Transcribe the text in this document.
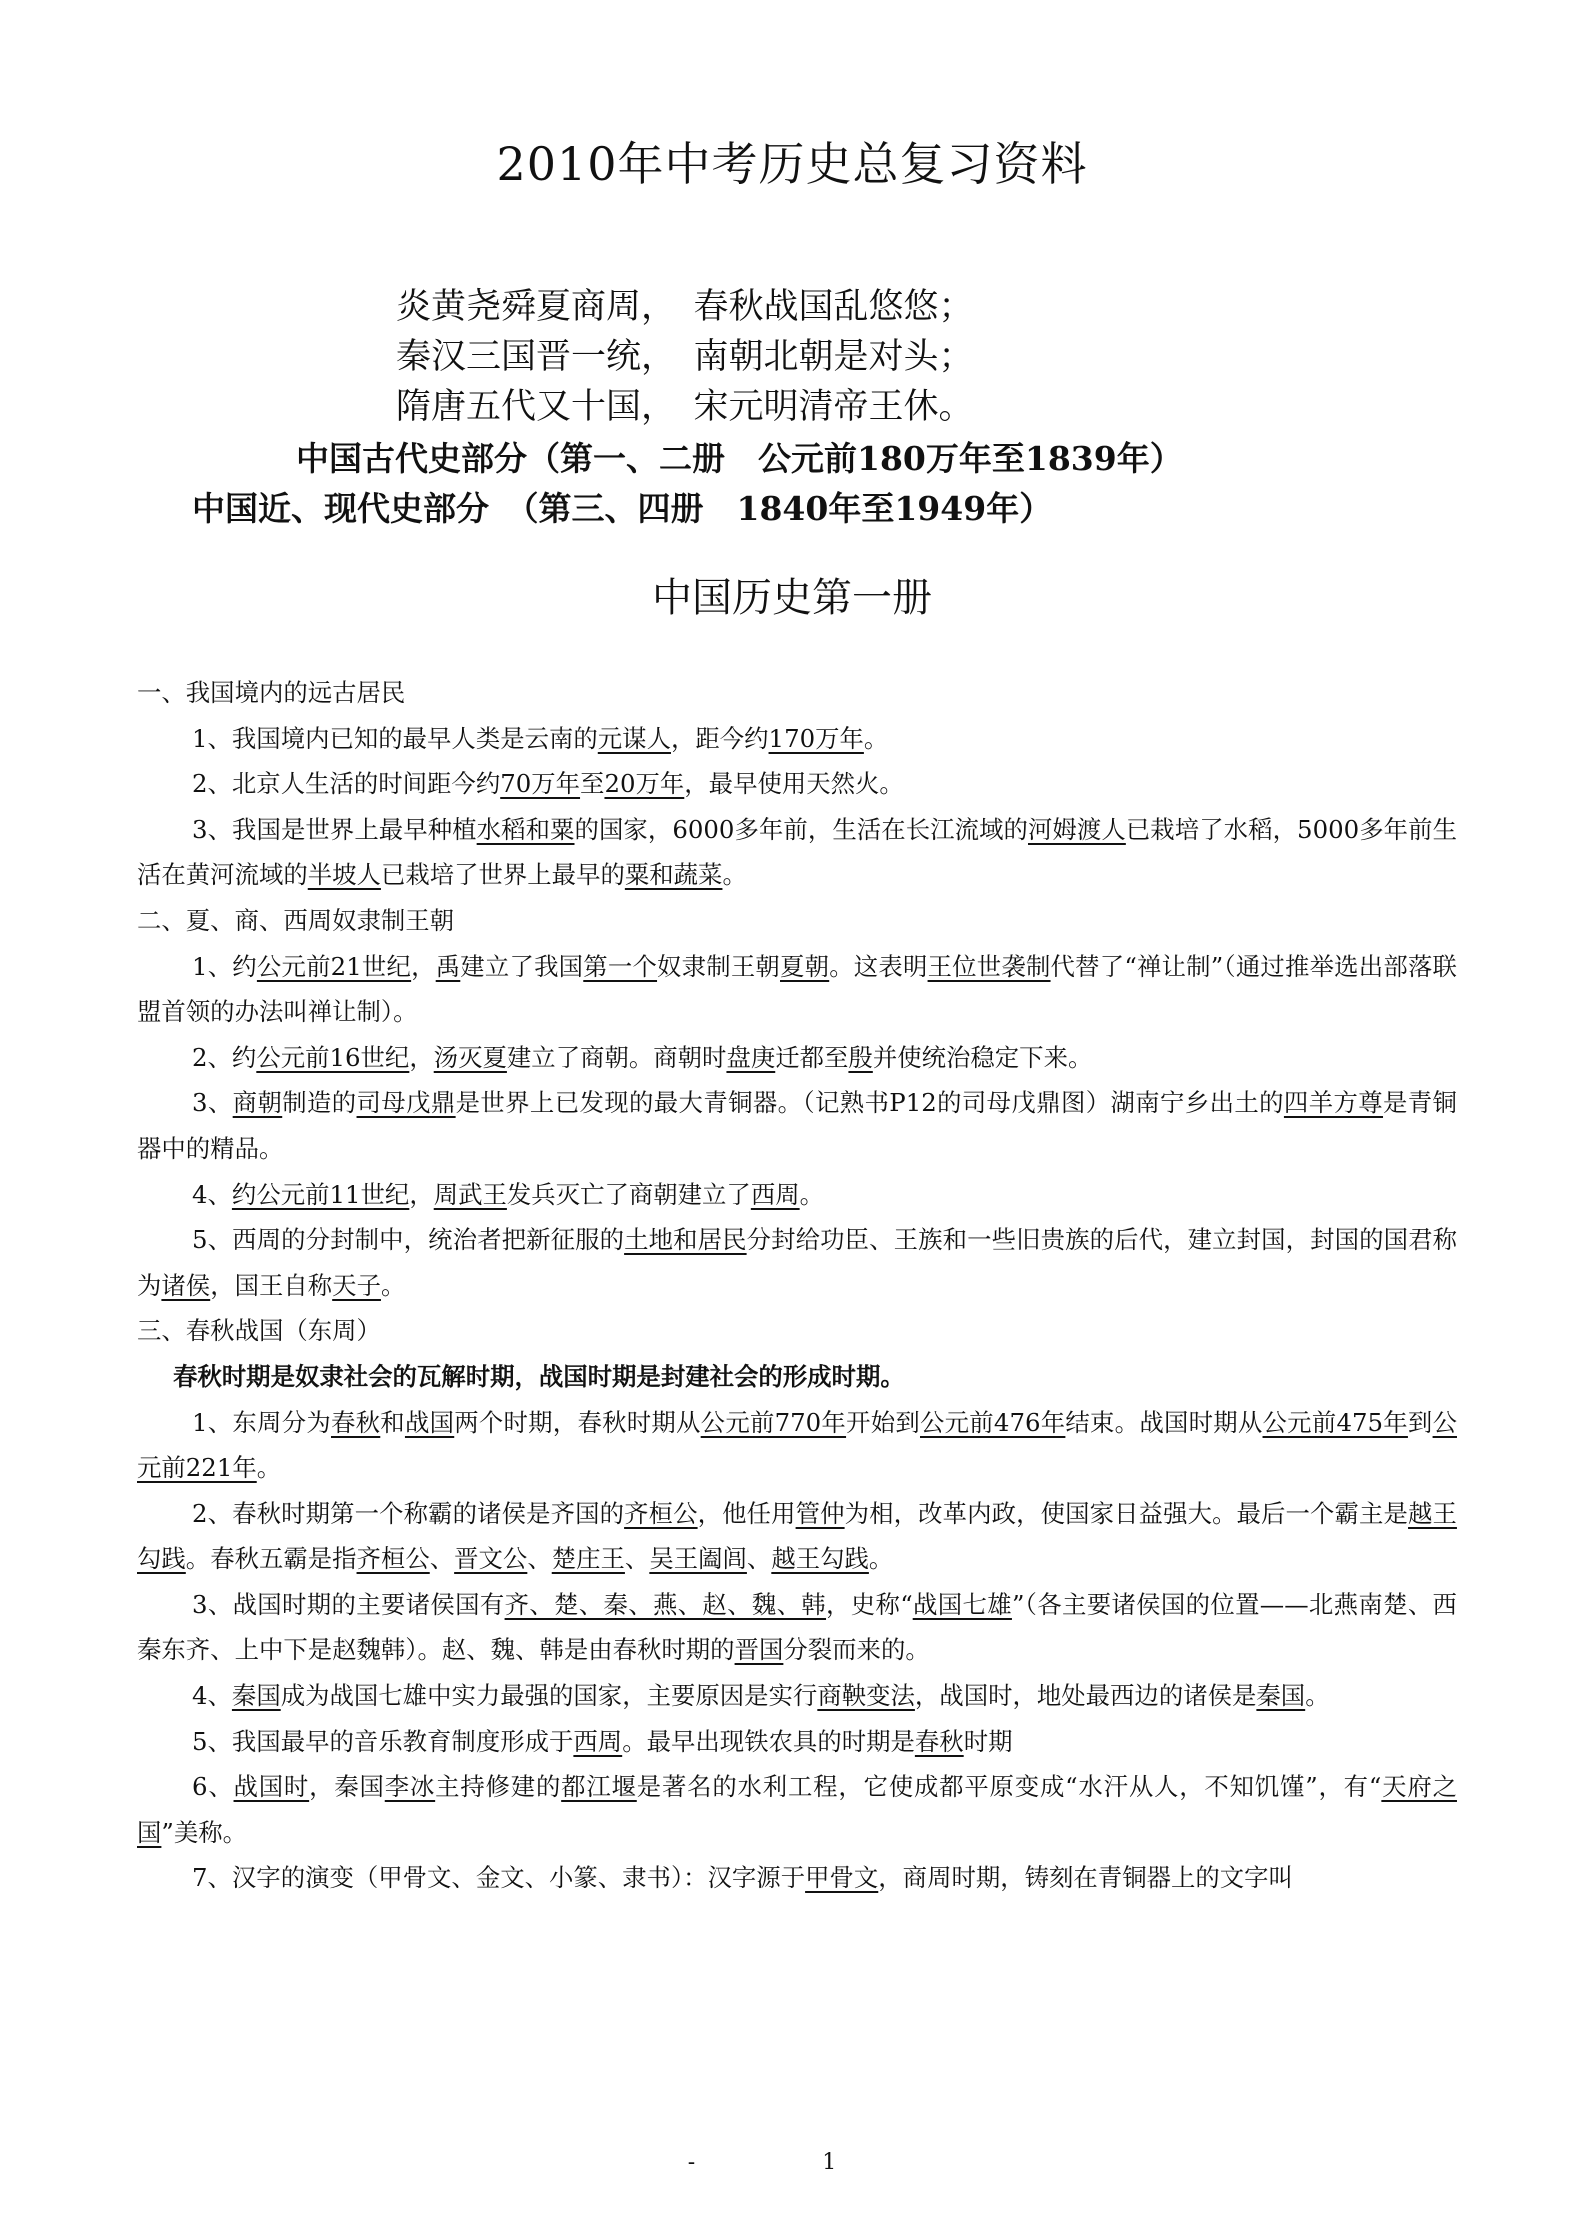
2010年中考历史总复习资料
炎黄尧舜夏商周，　春秋战国乱悠悠；
秦汉三国晋一统，　南朝北朝是对头；
隋唐五代又十国，　宋元明清帝王休。
中国古代史部分（第一、二册　公元前180万年至1839年）
中国近、现代史部分　（第三、四册　1840年至1949年）
中国历史第一册

一、我国境内的远古居民

1、我国境内已知的最早人类是云南的元谋人，距今约170万年。

2、北京人生活的时间距今约70万年至20万年，最早使用天然火。

3、我国是世界上最早种植水稻和粟的国家，6000多年前，生活在长江流域的河姆渡人已栽培了水稻，5000多年前生活在黄河流域的半坡人已栽培了世界上最早的粟和蔬菜。

二、夏、商、西周奴隶制王朝

1、约公元前21世纪，禹建立了我国第一个奴隶制王朝夏朝。这表明王位世袭制代替了“禅让制”（通过推举选出部落联盟首领的办法叫禅让制）。

2、约公元前16世纪，汤灭夏建立了商朝。商朝时盘庚迁都至殷并使统治稳定下来。

3、商朝制造的司母戊鼎是世界上已发现的最大青铜器。（记熟书P12的司母戊鼎图）湖南宁乡出土的四羊方尊是青铜器中的精品。

4、约公元前11世纪，周武王发兵灭亡了商朝建立了西周。

5、西周的分封制中，统治者把新征服的土地和居民分封给功臣、王族和一些旧贵族的后代，建立封国，封国的国君称为诸侯，国王自称天子。

三、春秋战国（东周）

春秋时期是奴隶社会的瓦解时期，战国时期是封建社会的形成时期。

1、东周分为春秋和战国两个时期，春秋时期从公元前770年开始到公元前476年结束。战国时期从公元前475年到公元前221年。

2、春秋时期第一个称霸的诸侯是齐国的齐桓公，他任用管仲为相，改革内政，使国家日益强大。最后一个霸主是越王勾践。春秋五霸是指齐桓公、晋文公、楚庄王、吴王阖闾、越王勾践。

3、战国时期的主要诸侯国有齐、楚、秦、燕、赵、魏、韩，史称“战国七雄”（各主要诸侯国的位置——北燕南楚、西秦东齐、上中下是赵魏韩）。赵、魏、韩是由春秋时期的晋国分裂而来的。

4、秦国成为战国七雄中实力最强的国家，主要原因是实行商鞅变法，战国时，地处最西边的诸侯是秦国。

5、我国最早的音乐教育制度形成于西周。最早出现铁农具的时期是春秋时期

6、战国时，秦国李冰主持修建的都江堰是著名的水利工程，它使成都平原变成“水汗从人，不知饥馑”，有“天府之国”美称。

7、汉字的演变（甲骨文、金文、小篆、隶书）：汉字源于甲骨文，商周时期，铸刻在青铜器上的文字叫

- 1
